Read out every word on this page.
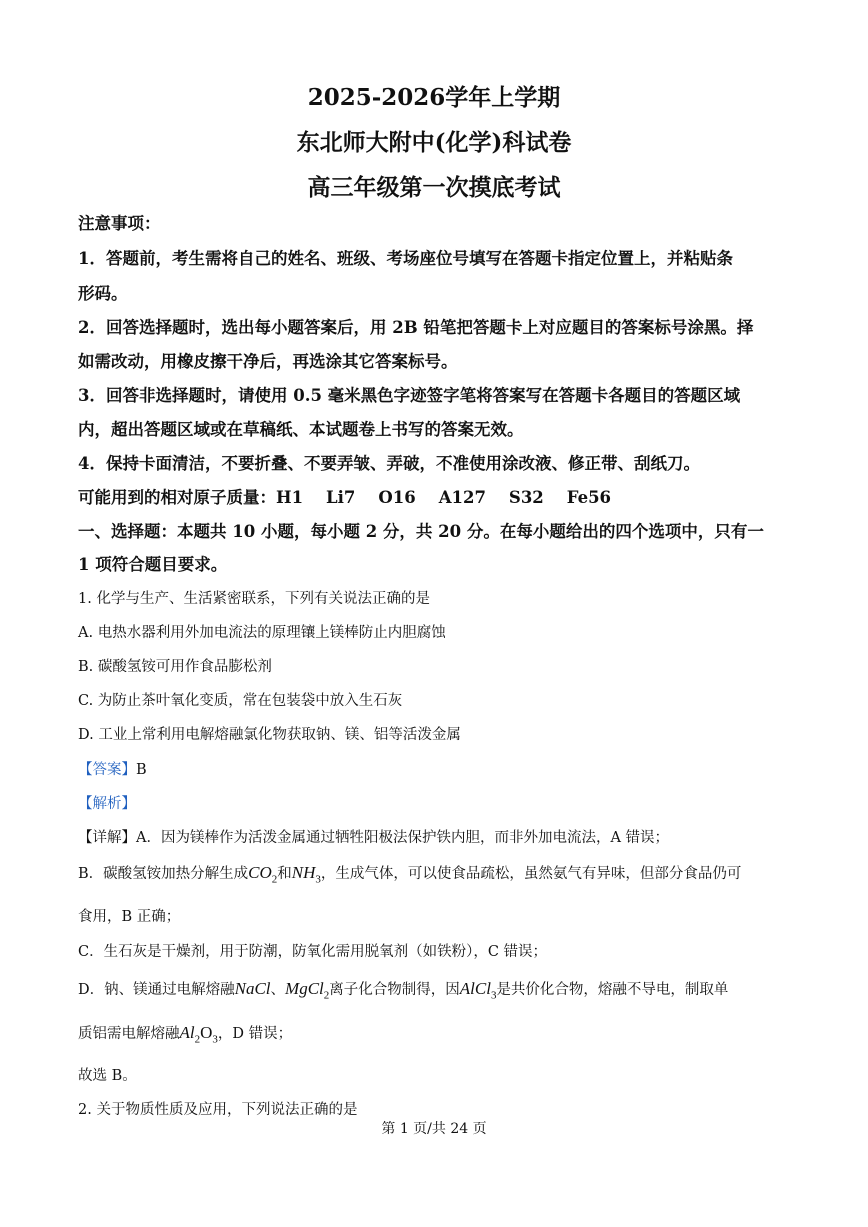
2025-2026学年上学期
东北师大附中(化学)科试卷
高三年级第一次摸底考试
注意事项：
1．答题前，考生需将自己的姓名、班级、考场座位号填写在答题卡指定位置上，并粘贴条
形码。
2．回答选择题时，选出每小题答案后，用 2B 铅笔把答题卡上对应题目的答案标号涂黑。择
如需改动，用橡皮擦干净后，再选涂其它答案标号。
3．回答非选择题时，请使用 0.5 毫米黑色字迹签字笔将答案写在答题卡各题目的答题区域
内，超出答题区域或在草稿纸、本试题卷上书写的答案无效。
4．保持卡面清洁，不要折叠、不要弄皱、弄破，不准使用涂改液、修正带、刮纸刀。
可能用到的相对原子质量：H1    Li7    O16    A127    S32    Fe56
一、选择题：本题共 10 小题，每小题 2 分，共 20 分。在每小题给出的四个选项中，只有一
1 项符合题目要求。
1. 化学与生产、生活紧密联系，下列有关说法正确的是
A. 电热水器利用外加电流法的原理镶上镁棒防止内胆腐蚀
B. 碳酸氢铵可用作食品膨松剂
C. 为防止茶叶氧化变质，常在包装袋中放入生石灰
D. 工业上常利用电解熔融氯化物获取钠、镁、铝等活泼金属
【答案】B
【解析】
【详解】A．因为镁棒作为活泼金属通过牺牲阳极法保护铁内胆，而非外加电流法，A 错误；
B．碳酸氢铵加热分解生成$CO_2$和$NH_3$，生成气体，可以使食品疏松，虽然氨气有异味，但部分食品仍可
食用，B 正确；
C．生石灰是干燥剂，用于防潮，防氧化需用脱氧剂（如铁粉），C 错误；
D．钠、镁通过电解熔融NaCl、MgCl$_2$离子化合物制得，因AlCl$_3$是共价化合物，熔融不导电，制取单
质铝需电解熔融$Al_2O_3$，D 错误；
故选 B。
2. 关于物质性质及应用，下列说法正确的是
第 1 页/共 24 页
